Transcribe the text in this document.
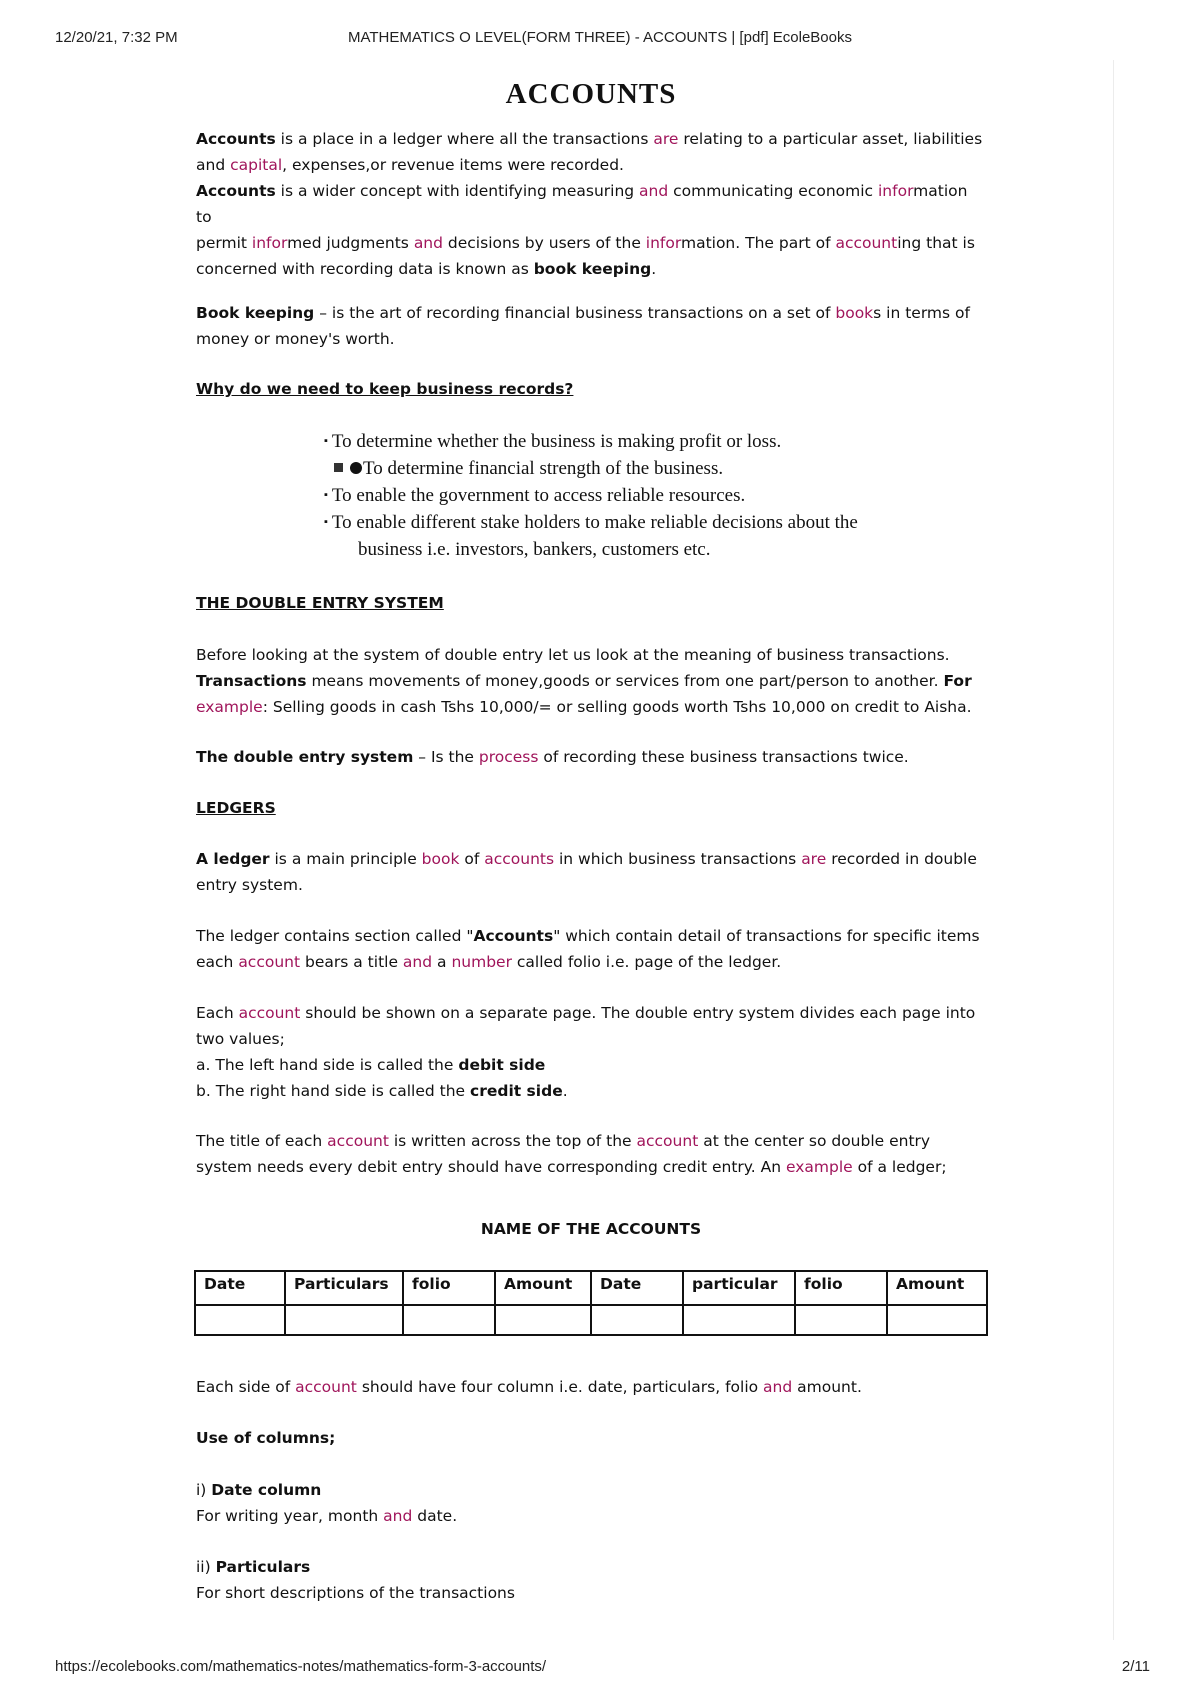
12/20/21, 7:32 PM	MATHEMATICS O LEVEL(FORM THREE) - ACCOUNTS | [pdf] EcoleBooks
ACCOUNTS

Accounts is a place in a ledger where all the transactions are relating to a particular asset, liabilities
and capital, expenses,or revenue items were recorded.
Accounts is a wider concept with identifying measuring and communicating economic information to
permit informed judgments and decisions by users of the information. The part of accounting that is
concerned with recording data is known as book keeping.

Book keeping – is the art of recording financial business transactions on a set of books in terms of
money or money's worth.

Why do we need to keep business records?

▪ To determine whether the business is making profit or loss.
To determine financial strength of the business.
▪ To enable the government to access reliable resources.
▪ To enable different stake holders to make reliable decisions about the
business i.e. investors, bankers, customers etc.

THE DOUBLE ENTRY SYSTEM

Before looking at the system of double entry let us look at the meaning of business transactions.
Transactions means movements of money,goods or services from one part/person to another. For
example: Selling goods in cash Tshs 10,000/= or selling goods worth Tshs 10,000 on credit to Aisha.

The double entry system – Is the process of recording these business transactions twice.

LEDGERS

A ledger is a main principle book of accounts in which business transactions are recorded in double
entry system.

The ledger contains section called "Accounts" which contain detail of transactions for specific items
each account bears a title and a number called folio i.e. page of the ledger.

Each account should be shown on a separate page. The double entry system divides each page into
two values;
a. The left hand side is called the debit side
b. The right hand side is called the credit side.

The title of each account is written across the top of the account at the center so double entry
system needs every debit entry should have corresponding credit entry. An example of a ledger;

NAME OF THE ACCOUNTS
Date	Particulars	folio	Amount	Date	particular	folio	Amount

Each side of account should have four column i.e. date, particulars, folio and amount.

Use of columns;

i) Date column
For writing year, month and date.

ii) Particulars
For short descriptions of the transactions

https://ecolebooks.com/mathematics-notes/mathematics-form-3-accounts/	2/11
